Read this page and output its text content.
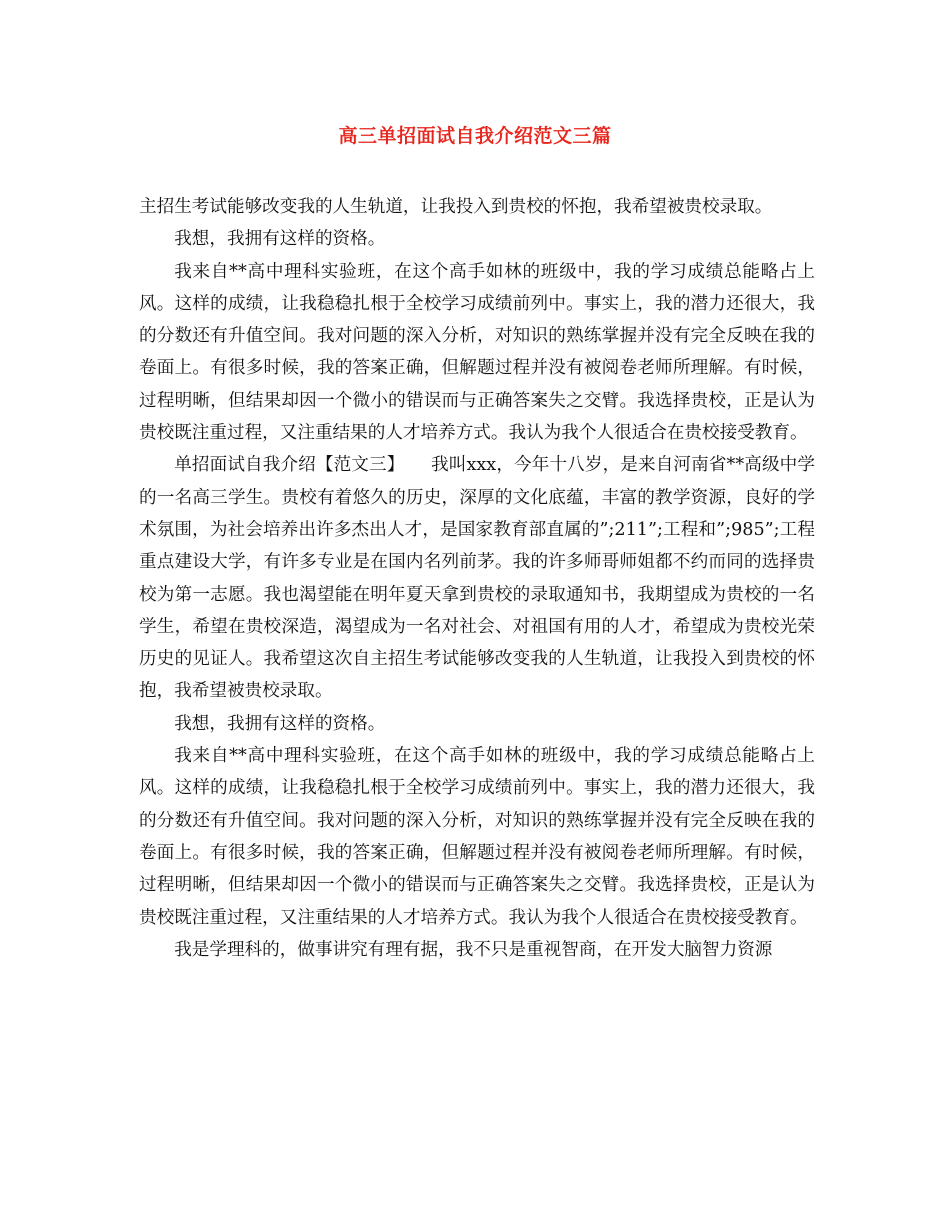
高三单招面试自我介绍范文三篇

主招生考试能够改变我的人生轨道，让我投入到贵校的怀抱，我希望被贵校录取。

我想，我拥有这样的资格。

我来自**高中理科实验班，在这个高手如林的班级中，我的学习成绩总能略占上风。这样的成绩，让我稳稳扎根于全校学习成绩前列中。事实上，我的潜力还很大，我的分数还有升值空间。我对问题的深入分析，对知识的熟练掌握并没有完全反映在我的卷面上。有很多时候，我的答案正确，但解题过程并没有被阅卷老师所理解。有时候，过程明晰，但结果却因一个微小的错误而与正确答案失之交臂。我选择贵校，正是认为贵校既注重过程，又注重结果的人才培养方式。我认为我个人很适合在贵校接受教育。

单招面试自我介绍【范文三】　　我叫xxx，今年十八岁，是来自河南省**高级中学的一名高三学生。贵校有着悠久的历史，深厚的文化底蕴，丰富的教学资源，良好的学术氛围，为社会培养出许多杰出人才，是国家教育部直属的”;211”;工程和”;985”;工程重点建设大学，有许多专业是在国内名列前茅。我的许多师哥师姐都不约而同的选择贵校为第一志愿。我也渴望能在明年夏天拿到贵校的录取通知书，我期望成为贵校的一名学生，希望在贵校深造，渴望成为一名对社会、对祖国有用的人才，希望成为贵校光荣历史的见证人。我希望这次自主招生考试能够改变我的人生轨道，让我投入到贵校的怀抱，我希望被贵校录取。

我想，我拥有这样的资格。

我来自**高中理科实验班，在这个高手如林的班级中，我的学习成绩总能略占上风。这样的成绩，让我稳稳扎根于全校学习成绩前列中。事实上，我的潜力还很大，我的分数还有升值空间。我对问题的深入分析，对知识的熟练掌握并没有完全反映在我的卷面上。有很多时候，我的答案正确，但解题过程并没有被阅卷老师所理解。有时候，过程明晰，但结果却因一个微小的错误而与正确答案失之交臂。我选择贵校，正是认为贵校既注重过程，又注重结果的人才培养方式。我认为我个人很适合在贵校接受教育。

我是学理科的，做事讲究有理有据，我不只是重视智商，在开发大脑智力资源
